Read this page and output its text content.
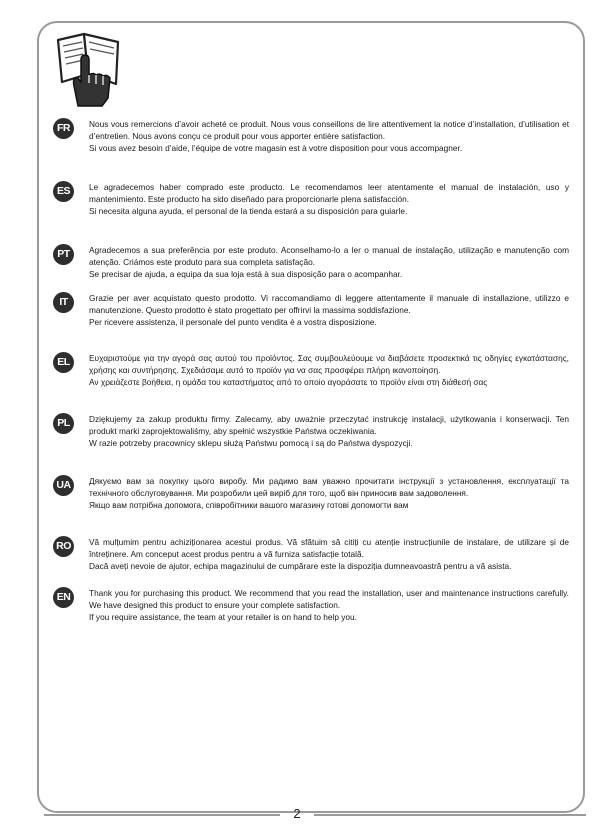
FR	Nous vous remercions d’avoir acheté ce produit. Nous vous conseillons de lire attentivement la notice d’installation, d’utilisation et d’entretien. Nous avons conçu ce produit pour vous apporter entière satisfaction.

Si vous avez besoin d’aide, l’équipe de votre magasin est à votre disposition pour vous accompagner.

ES	Le agradecemos haber comprado este producto. Le recomendamos leer atentamente el manual de instalación, uso y mantenimiento. Este producto ha sido diseñado para proporcionarle plena satisfacción.

Si necesita alguna ayuda, el personal de la tienda estará a su disposición para guiarle.

PT	Agradecemos a sua preferência por este produto. Aconselhamo-lo a ler o manual de instalação, utilização e manutenção com atenção. Criámos este produto para sua completa satisfação.

Se precisar de ajuda, a equipa da sua loja está à sua disposição para o acompanhar.

IT	Grazie per aver acquistato questo prodotto. Vi raccomandiamo di leggere attentamente il manuale di installazione, utilizzo e manutenzione. Questo prodotto è stato progettato per offrirvi la massima soddisfazione.

Per ricevere assistenza, il personale del punto vendita è a vostra disposizione.

EL	Ευχαριστούμε για την αγορά σας αυτού του προϊόντος. Σας συμβουλεύουμε να διαβάσετε προσεκτικά τις οδηγίες εγκατάστασης, χρήσης και συντήρησης. Σχεδιάσαμε αυτό το προϊόν για να σας προσφέρει πλήρη ικανοποίηση.

Αν χρειάζεστε βοήθεια, η ομάδα του καταστήματος από το οποίο αγοράσατε το προϊόν είναι στη διάθεσή σας

PL	Dziękujemy za zakup produktu firmy. Zalecamy, aby uważnie przeczytać instrukcję instalacji, użytkowania i konserwacji. Ten produkt marki zaprojektowaliśmy, aby spełnić wszystkie Państwa oczekiwania.

W razie potrzeby pracownicy sklepu służą Państwu pomocą i są do Państwa dyspozycji.

UA	Дякуємо вам за покупку цього виробу. Ми радимо вам уважно прочитати інструкції з установлення, експлуатації та технічного обслуговування. Ми розробили цей виріб для того, щоб він приносив вам задоволення.

Якщо вам потрібна допомога, співробітники вашого магазину готові допомогти вам

RO	Vă mulțumim pentru achiziționarea acestui produs. Vă sfătuim să citiți cu atenție instrucțiunile de instalare, de utilizare și de întreținere. Am conceput acest produs pentru a vă furniza satisfacție totală.

Dacă aveți nevoie de ajutor, echipa magazinului de cumpărare este la dispoziția dumneavoastră pentru a vă asista.

EN	Thank you for purchasing this product. We recommend that you read the installation, user and maintenance instructions carefully. We have designed this product to ensure your complete satisfaction.

If you require assistance, the team at your retailer is on hand to help you.

2
